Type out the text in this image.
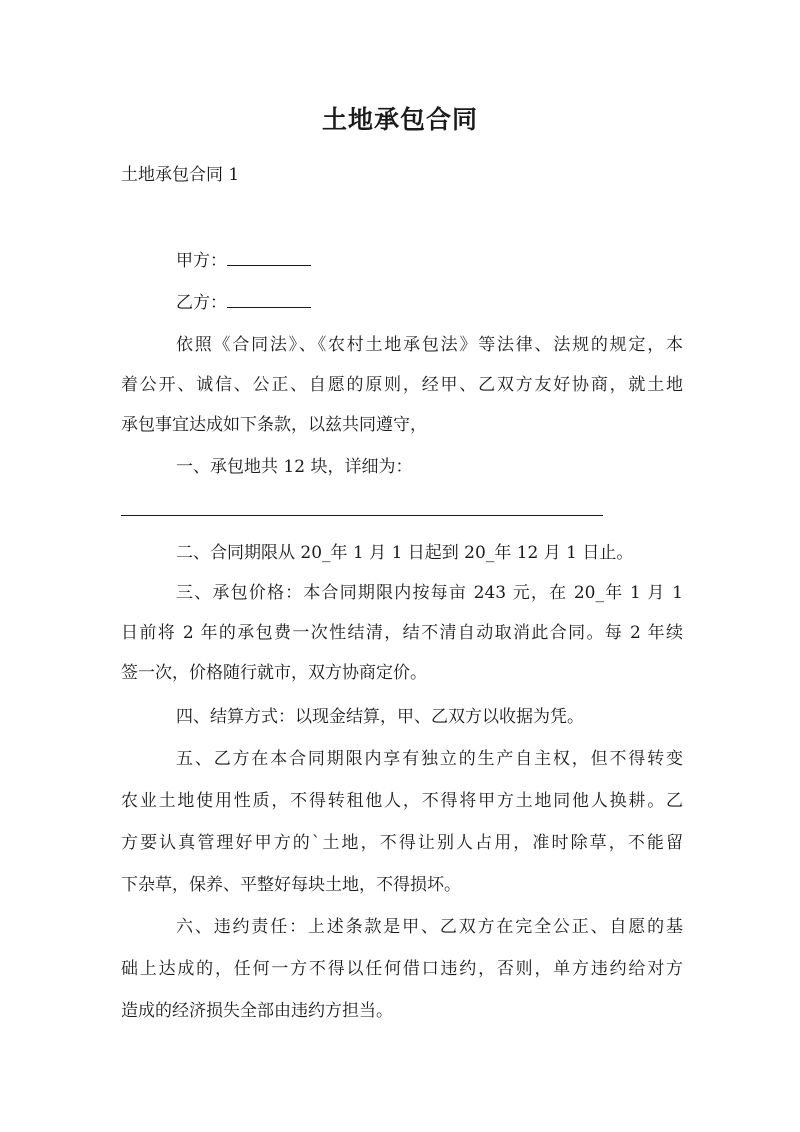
土地承包合同
土地承包合同 1
甲方：
乙方：
依照《合同法》、《农村土地承包法》等法律、法规的规定，本
着公开、诚信、公正、自愿的原则，经甲、乙双方友好协商，就土地
承包事宜达成如下条款，以兹共同遵守，
一、承包地共 12 块，详细为：
二、合同期限从 20_年 1 月 1 日起到 20_年 12 月 1 日止。
三、承包价格：本合同期限内按每亩 243 元，在 20_年 1 月 1
日前将 2 年的承包费一次性结清，结不清自动取消此合同。每 2 年续
签一次，价格随行就市，双方协商定价。
四、结算方式：以现金结算，甲、乙双方以收据为凭。
五、乙方在本合同期限内享有独立的生产自主权，但不得转变
农业土地使用性质，不得转租他人，不得将甲方土地同他人换耕。乙
方要认真管理好甲方的`土地，不得让别人占用，准时除草，不能留
下杂草，保养、平整好每块土地，不得损坏。
六、违约责任：上述条款是甲、乙双方在完全公正、自愿的基
础上达成的，任何一方不得以任何借口违约，否则，单方违约给对方
造成的经济损失全部由违约方担当。
